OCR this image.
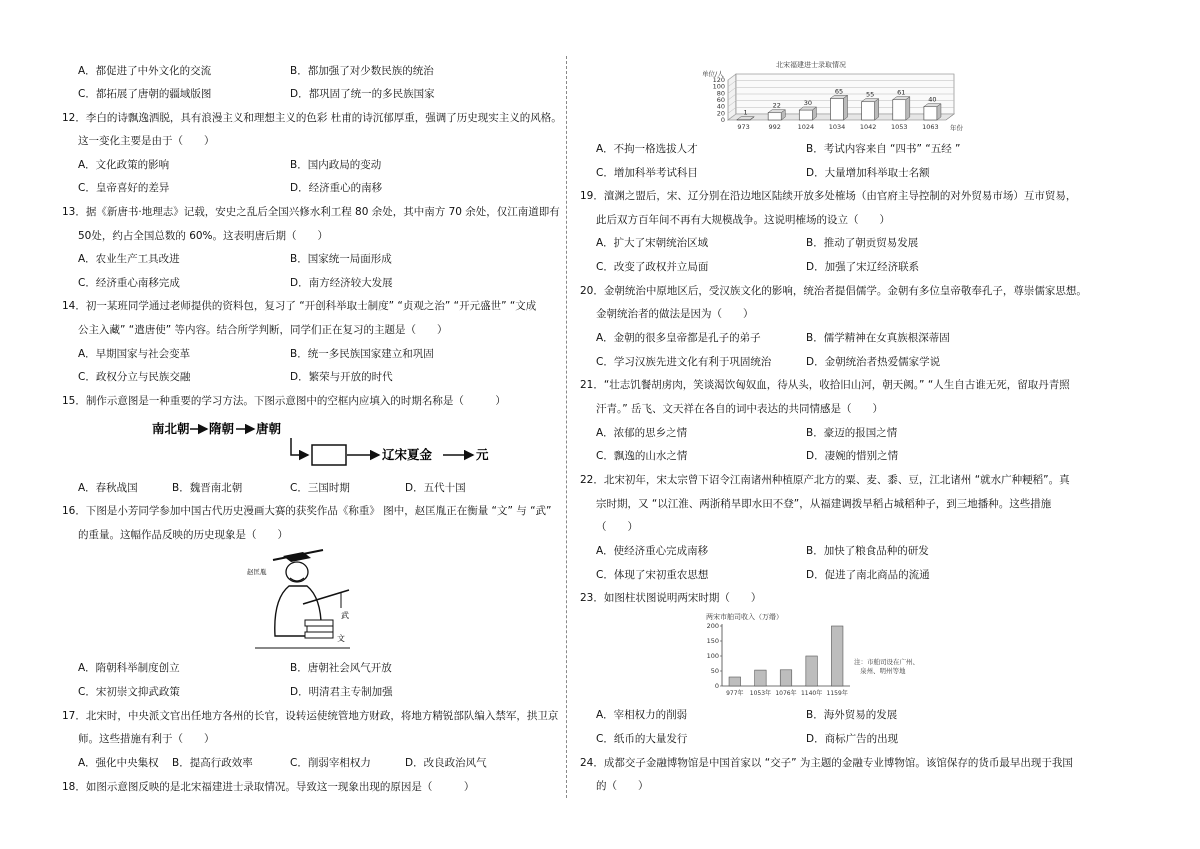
A．都促进了中外文化的交流	B．都加强了对少数民族的统治
C．都拓展了唐朝的疆域版图	D．都巩固了统一的多民族国家
12．李白的诗飘逸洒脱，具有浪漫主义和理想主义的色彩 杜甫的诗沉郁厚重，强调了历史现实主义的风格。
这一变化主要是由于（　　）
A．文化政策的影响	B．国内政局的变动
C．皇帝喜好的差异	D．经济重心的南移
13．据《新唐书·地理志》记载，安史之乱后全国兴修水利工程 80 余处，其中南方 70 余处，仅江南道即有
50处，约占全国总数的 60%。这表明唐后期（　　）
A．农业生产工具改进	B．国家统一局面形成
C．经济重心南移完成	D．南方经济较大发展
14．初一某班同学通过老师提供的资料包，复习了 “开创科举取士制度” “贞观之治” “开元盛世” “文成
公主入藏” “遣唐使” 等内容。结合所学判断，同学们正在复习的主题是（　　）
A．早期国家与社会变革	B．统一多民族国家建立和巩固
C．政权分立与民族交融	D．繁荣与开放的时代
15．制作示意图是一种重要的学习方法。下图示意图中的空框内应填入的时期名称是（　　　）
南北朝 隋朝 唐朝
辽宋夏金	元
A．春秋战国	B．魏晋南北朝	C．三国时期	D．五代十国
16．下图是小芳同学参加中国古代历史漫画大赛的获奖作品《称重》 图中，赵匡胤正在衡量 “文” 与 “武”
的重量。这幅作品反映的历史现象是（　　）
赵匡胤
武
文
A．隋朝科举制度创立	B．唐朝社会风气开放
C．宋初崇文抑武政策	D．明清君主专制加强
17．北宋时，中央派文官出任地方各州的长官，设转运使统管地方财政，将地方精锐部队编入禁军，拱卫京
师。这些措施有利于（　　）
A．强化中央集权 B．提高行政效率	C．削弱宰相权力	D．改良政治风气
18．如图示意图反映的是北宋福建进士录取情况。导致这一现象出现的原因是（　　　）
北宋福建进士录取情况
单位/人
年份
0
20
40
60
80
100
120
1
973
22
992
30
1024
65
1034
55
1042
61
1053
40
1063
A．不拘一格选拔人才	B．考试内容来自 “四书” “五经 ”
C．增加科举考试科目	D．大量增加科举取士名额
19．澶渊之盟后，宋、辽分别在沿边地区陆续开放多处榷场（由官府主导控制的对外贸易市场）互市贸易，
此后双方百年间不再有大规模战争。这说明榷场的设立（　　）
A．扩大了宋朝统治区域	B．推动了朝贡贸易发展
C．改变了政权并立局面	D．加强了宋辽经济联系
20．金朝统治中原地区后，受汉族文化的影响，统治者提倡儒学。金朝有多位皇帝敬奉孔子，尊崇儒家思想。
金朝统治者的做法是因为（　　）
A．金朝的很多皇帝都是孔子的弟子	B．儒学精神在女真族根深蒂固
C．学习汉族先进文化有利于巩固统治	D．金朝统治者热爱儒家学说
21．“壮志饥餐胡虏肉，笑谈渴饮匈奴血，待从头，收拾旧山河，朝天阙。” “人生自古谁无死，留取丹青照
汗青。” 岳飞、文天祥在各自的词中表达的共同情感是（　　）
A．浓郁的思乡之情	B．豪迈的报国之情
C．飘逸的山水之情	D．凄婉的惜别之情
22．北宋初年，宋太宗曾下诏令江南诸州种植原产北方的粟、麦、黍、豆，江北诸州 “就水广种粳稻”。真
宗时期，又 “以江淮、两浙稍旱即水田不登”，从福建调拨旱稻占城稻种子，到三地播种。这些措施
（　　）
A．使经济重心完成南移	B．加快了粮食品种的研发
C．体现了宋初重农思想	D．促进了南北商品的流通
23．如图柱状图说明两宋时期（　　）
两宋市舶司收入（万缗）
注：市舶司设在广州、
泉州、明州等地
0
50
100
150
200
977年 1053年 1076年 1140年 1159年
A．宰相权力的削弱	B．海外贸易的发展
C．纸币的大量发行	D．商标广告的出现
24．成都交子金融博物馆是中国首家以 “交子” 为主题的金融专业博物馆。该馆保存的货币最早出现于我国
的（　　）
